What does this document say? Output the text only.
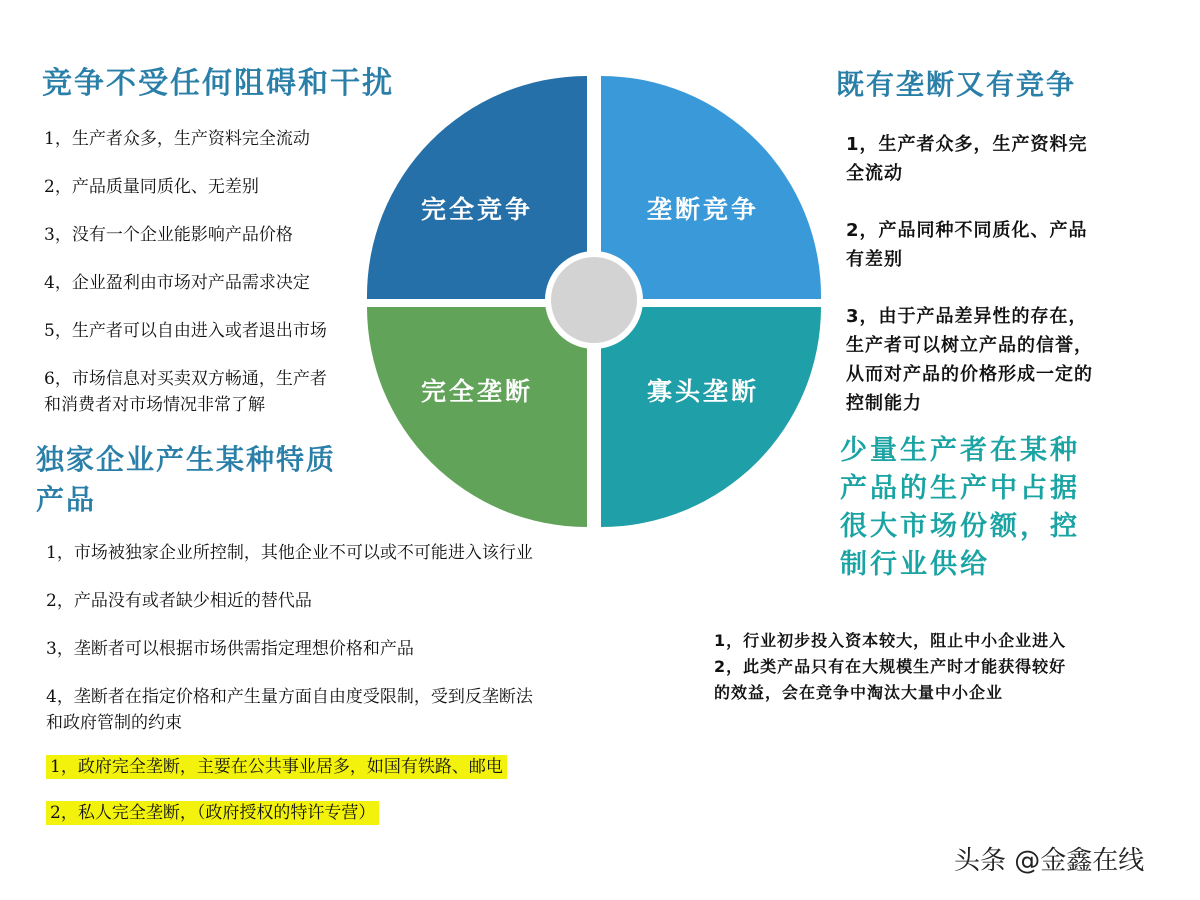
完全竞争	垄断竞争
完全垄断	寡头垄断
竞争不受任何阻碍和干扰
1，生产者众多，生产资料完全流动
2，产品质量同质化、无差别
3，没有一个企业能影响产品价格
4，企业盈利由市场对产品需求决定
5，生产者可以自由进入或者退出市场
6，市场信息对买卖双方畅通，生产者
和消费者对市场情况非常了解
既有垄断又有竞争
1，生产者众多，生产资料完
全流动
2，产品同种不同质化、产品
有差别
3，由于产品差异性的存在，
生产者可以树立产品的信誉，
从而对产品的价格形成一定的
控制能力
少量生产者在某种
产品的生产中占据
很大市场份额，控
制行业供给
1，行业初步投入资本较大，阻止中小企业进入
2，此类产品只有在大规模生产时才能获得较好
的效益，会在竞争中淘汰大量中小企业
独家企业产生某种特质
产品
1，市场被独家企业所控制，其他企业不可以或不可能进入该行业
2，产品没有或者缺少相近的替代品
3，垄断者可以根据市场供需指定理想价格和产品
4，垄断者在指定价格和产生量方面自由度受限制，受到反垄断法
和政府管制的约束
1，政府完全垄断，主要在公共事业居多，如国有铁路、邮电
2，私人完全垄断，（政府授权的特许专营）
头条 @金鑫在线
